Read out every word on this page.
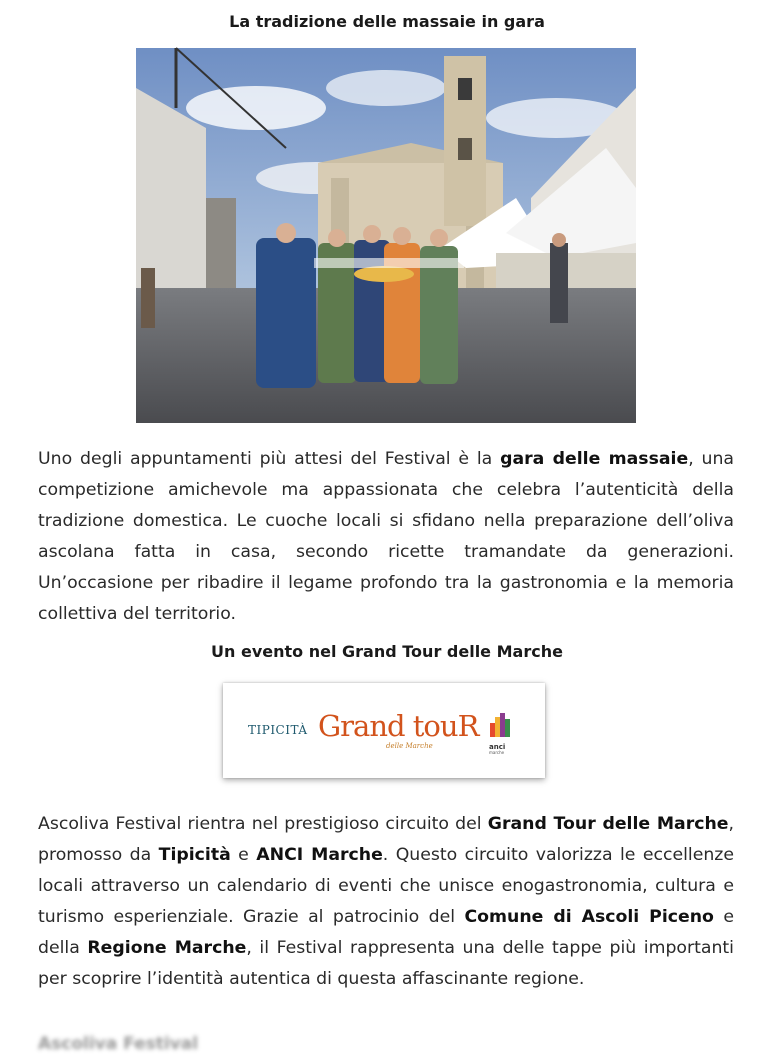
La tradizione delle massaie in gara

Uno degli appuntamenti più attesi del Festival è la gara delle massaie, una competizione amichevole ma appassionata che celebra l’autenticità della tradizione domestica. Le cuoche locali si sfidano nella preparazione dell’oliva ascolana fatta in casa, secondo ricette tramandate da generazioni. Un’occasione per ribadire il legame profondo tra la gastronomia e la memoria collettiva del territorio.

Un evento nel Grand Tour delle Marche
TIPICITÀ Grand touR
delle Marche	anci
marche

Ascoliva Festival rientra nel prestigioso circuito del Grand Tour delle Marche, promosso da Tipicità e ANCI Marche. Questo circuito valorizza le eccellenze locali attraverso un calendario di eventi che unisce enogastronomia, cultura e turismo esperienziale. Grazie al patrocinio del Comune di Ascoli Piceno e della Regione Marche, il Festival rappresenta una delle tappe più importanti per scoprire l’identità autentica di questa affascinante regione.

Ascoliva Festival
